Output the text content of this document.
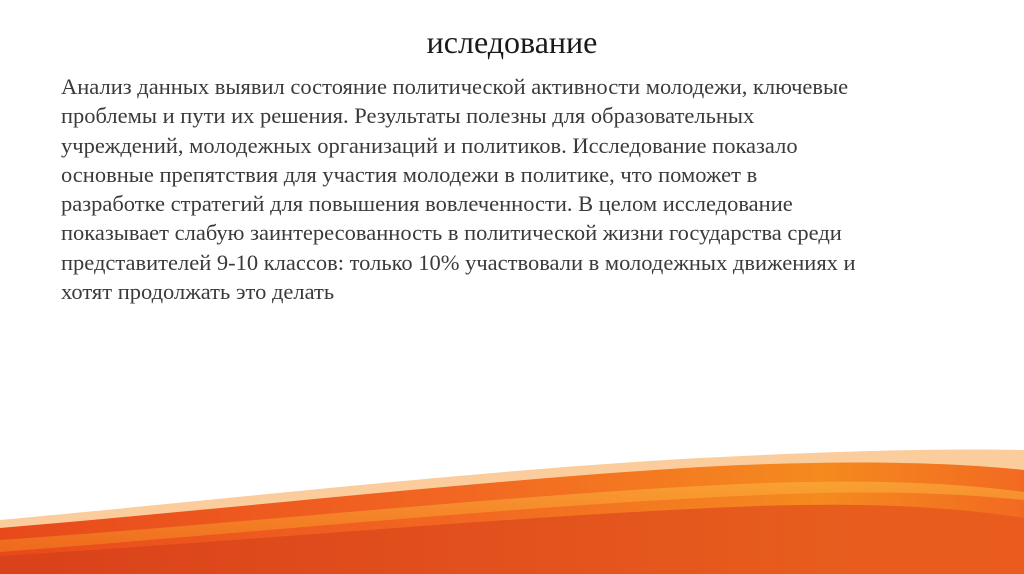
иследование
Анализ данных выявил состояние политической активности молодежи, ключевые
проблемы и пути их решения. Результаты полезны для образовательных
учреждений, молодежных организаций и политиков. Исследование показало
основные препятствия для участия молодежи в политике, что поможет в
разработке стратегий для повышения вовлеченности. В целом исследование
показывает слабую заинтересованность в политической жизни государства среди
представителей 9-10 классов: только 10% участвовали в молодежных движениях и
хотят продолжать это делать
